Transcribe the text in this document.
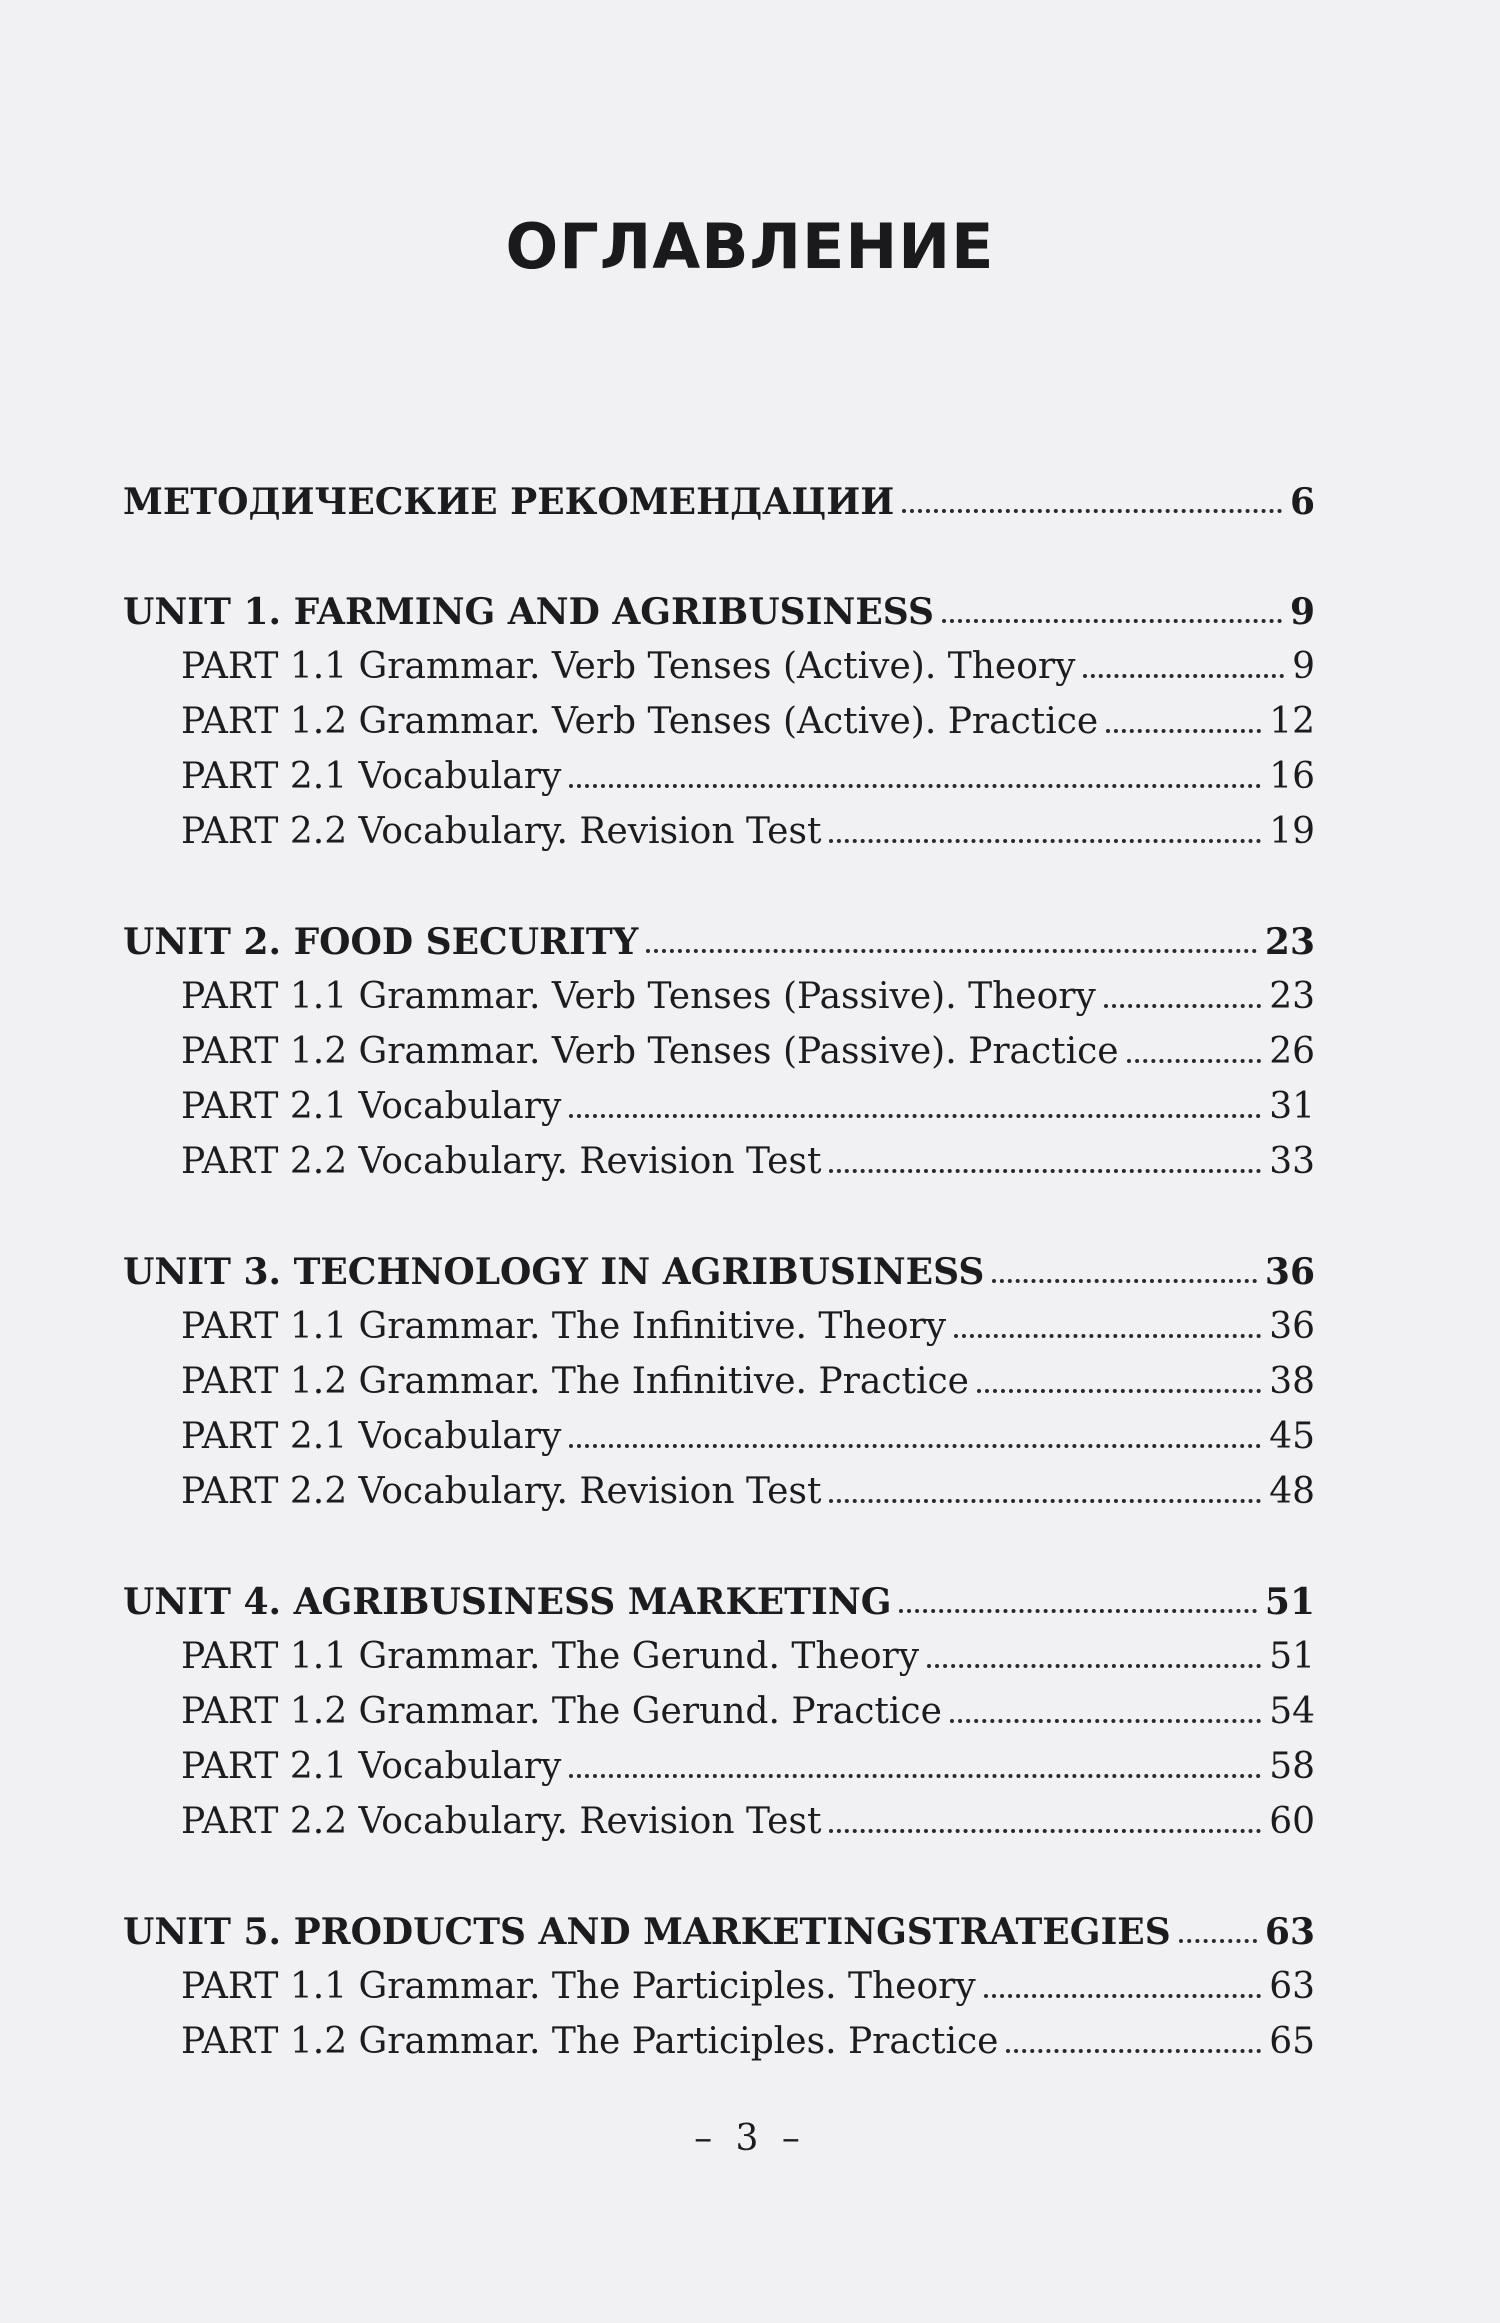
ОГЛАВЛЕНИЕ
МЕТОДИЧЕСКИЕ РЕКОМЕНДАЦИИ	6
UNIT 1. FARMING AND AGRIBUSINESS	9
PART 1.1 Grammar. Verb Tenses (Active). Theory	9
PART 1.2 Grammar. Verb Tenses (Active). Practice	12
PART 2.1 Vocabulary	16
PART 2.2 Vocabulary. Revision Test	19
UNIT 2. FOOD SECURITY	23
PART 1.1 Grammar. Verb Tenses (Passive). Theory	23
PART 1.2 Grammar. Verb Tenses (Passive). Practice	26
PART 2.1 Vocabulary	31
PART 2.2 Vocabulary. Revision Test	33
UNIT 3. TECHNOLOGY IN AGRIBUSINESS	36
PART 1.1 Grammar. The Infinitive. Theory	36
PART 1.2 Grammar. The Infinitive. Practice	38
PART 2.1 Vocabulary	45
PART 2.2 Vocabulary. Revision Test	48
UNIT 4. AGRIBUSINESS MARKETING	51
PART 1.1 Grammar. The Gerund. Theory	51
PART 1.2 Grammar. The Gerund. Practice	54
PART 2.1 Vocabulary	58
PART 2.2 Vocabulary. Revision Test	60
UNIT 5. PRODUCTS AND MARKETINGSTRATEGIES	63
PART 1.1 Grammar. The Participles. Theory	63
PART 1.2 Grammar. The Participles. Practice	65
– 3 –
